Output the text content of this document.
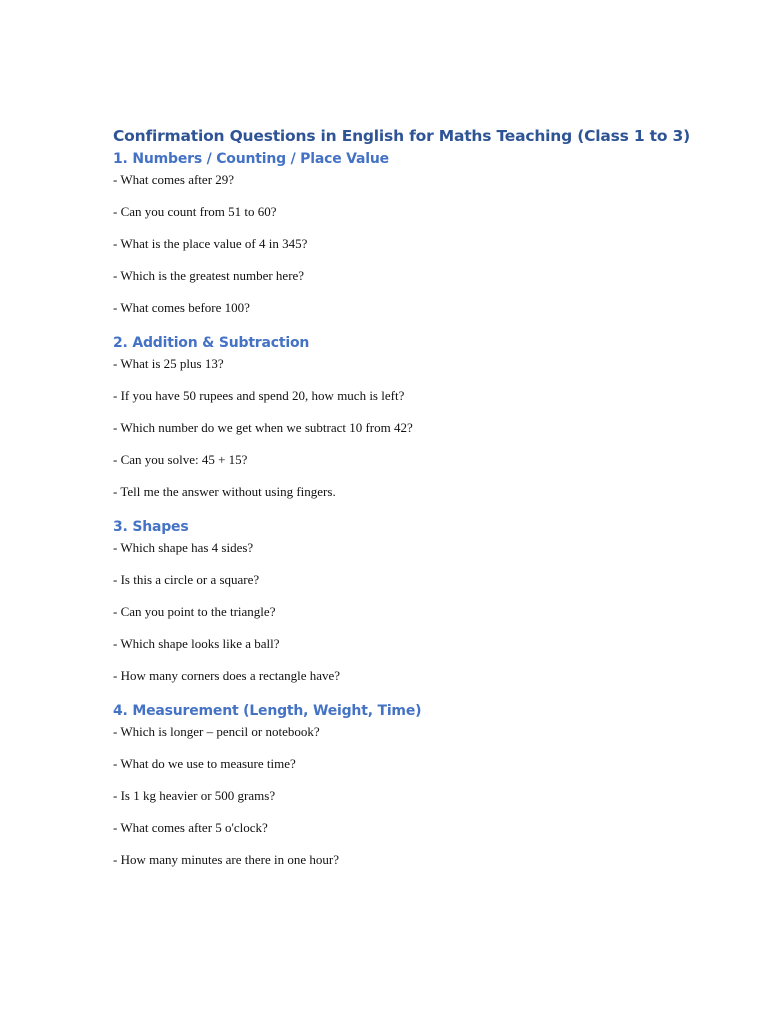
Confirmation Questions in English for Maths Teaching (Class 1 to 3)
1. Numbers / Counting / Place Value

- What comes after 29?

- Can you count from 51 to 60?

- What is the place value of 4 in 345?

- Which is the greatest number here?

- What comes before 100?

2. Addition & Subtraction

- What is 25 plus 13?

- If you have 50 rupees and spend 20, how much is left?

- Which number do we get when we subtract 10 from 42?

- Can you solve: 45 + 15?

- Tell me the answer without using fingers.

3. Shapes

- Which shape has 4 sides?

- Is this a circle or a square?

- Can you point to the triangle?

- Which shape looks like a ball?

- How many corners does a rectangle have?

4. Measurement (Length, Weight, Time)

- Which is longer – pencil or notebook?

- What do we use to measure time?

- Is 1 kg heavier or 500 grams?

- What comes after 5 o'clock?

- How many minutes are there in one hour?
